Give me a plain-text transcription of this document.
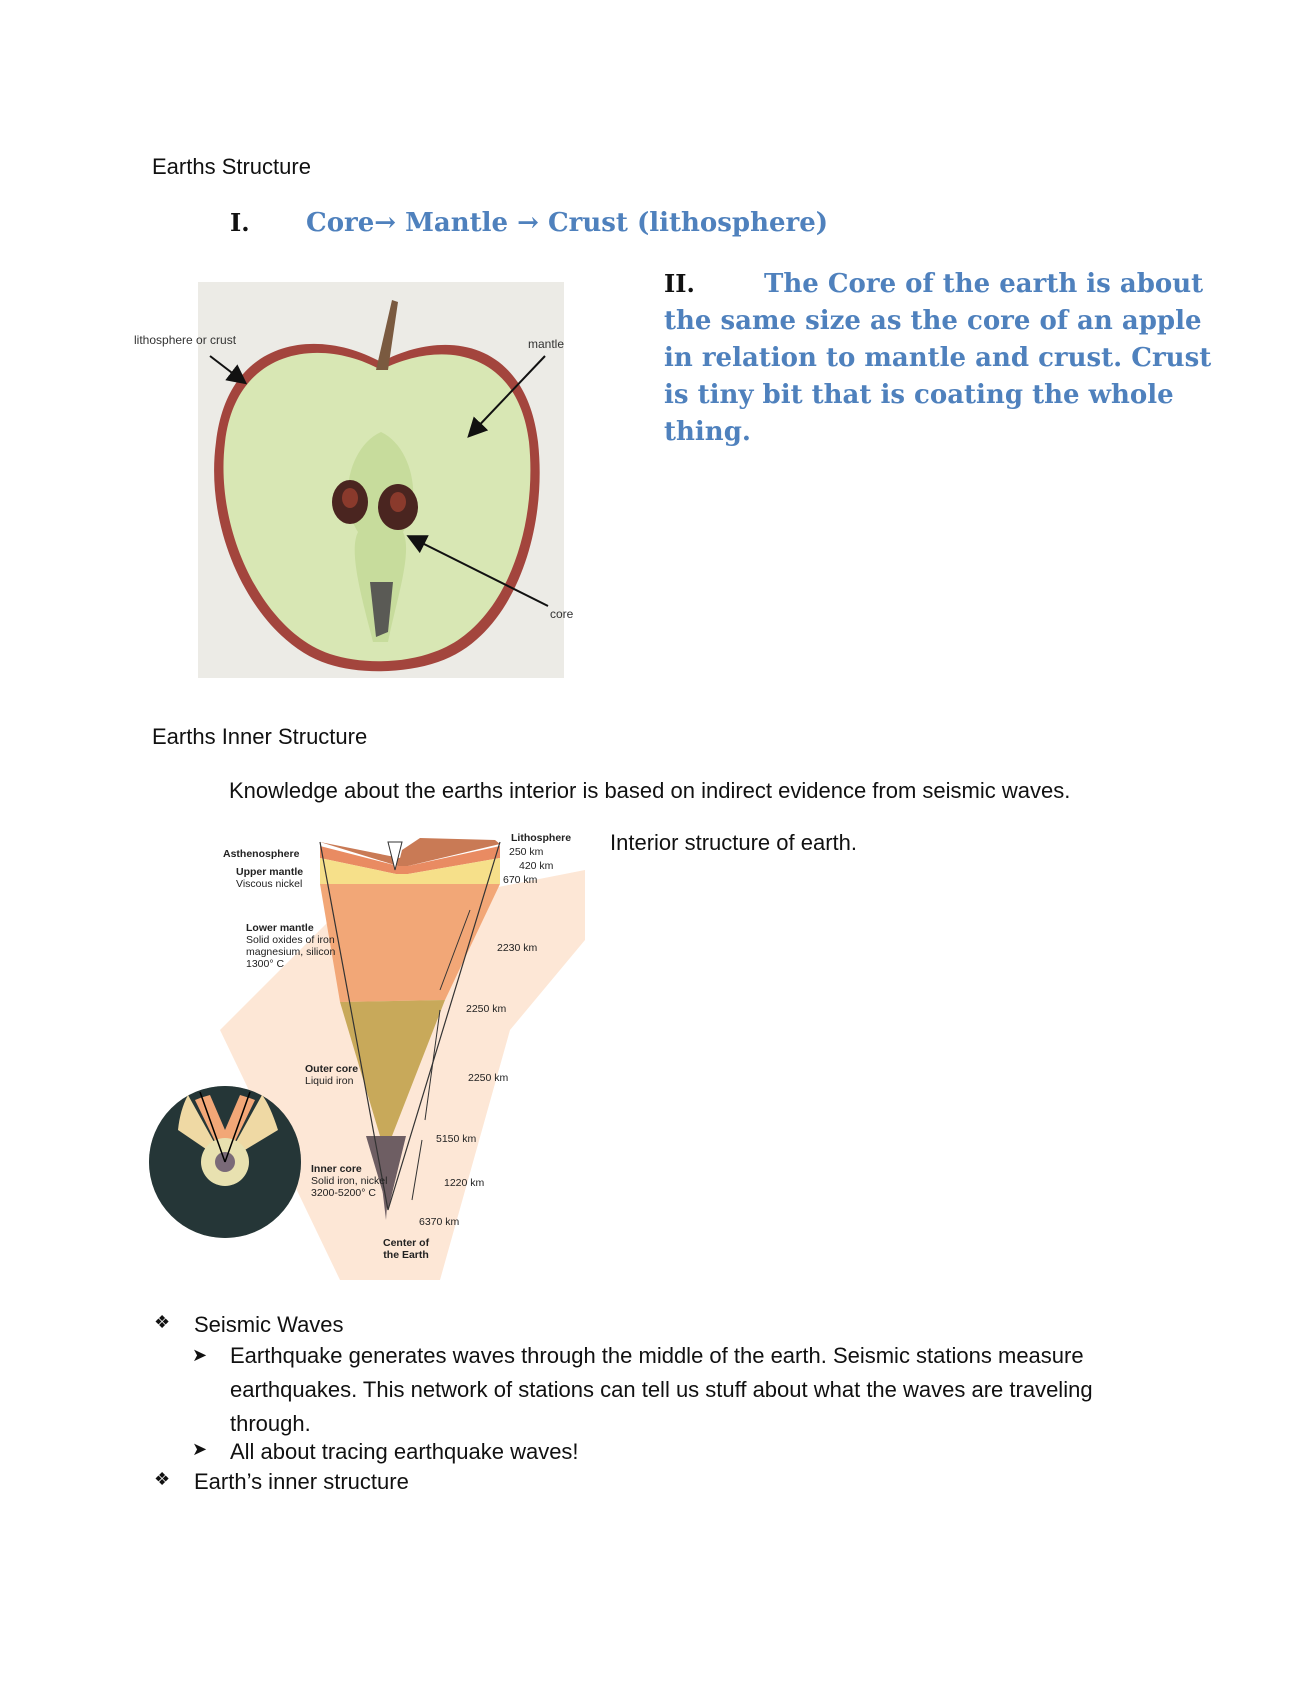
Earths Structure
I. Core→ Mantle → Crust (lithosphere)
lithosphere or crust	mantle
core
II.	The Core of the earth is about
the same size as the core of an apple
in relation to mantle and crust. Crust
is tiny bit that is coating the whole
thing.
Earths Inner Structure
Knowledge about the earths interior is based on indirect evidence from seismic waves.
Asthenosphere
Upper mantle
Viscous nickel
Lower mantle
Solid oxides of iron
magnesium, silicon
1300° C
Outer core
Liquid iron
Inner core
Solid iron, nickel
3200-5200° C
Center of
the Earth
Lithosphere
250 km
420 km
670 km
2230 km
2250 km
2250 km
5150 km
1220 km
6370 km
Interior structure of earth.
❖	Seismic Waves
➤	Earthquake generates waves through the middle of the earth. Seismic stations measure
earthquakes. This network of stations can tell us stuff about what the waves are traveling
through.
➤	All about tracing earthquake waves!
❖	Earth’s inner structure
